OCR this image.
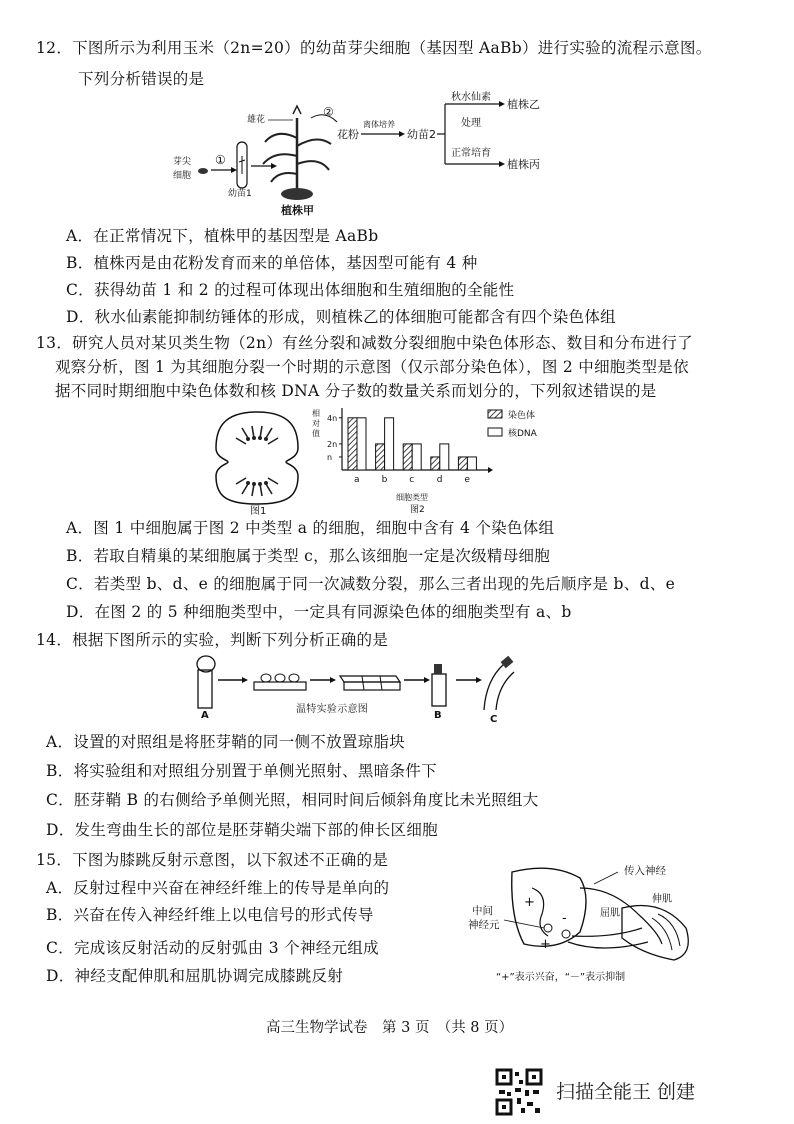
12．下图所示为利用玉米（2n=20）的幼苗芽尖细胞（基因型 AaBb）进行实验的流程示意图。
下列分析错误的是
芽尖
细胞
①
幼苗1
雄花
植株甲
②
花粉
离体培养
幼苗2
秋水仙素
处理
正常培育
植株乙
植株丙
A．在正常情况下，植株甲的基因型是 AaBb
B．植株丙是由花粉发育而来的单倍体，基因型可能有 4 种
C．获得幼苗 1 和 2 的过程可体现出体细胞和生殖细胞的全能性
D．秋水仙素能抑制纺锤体的形成，则植株乙的体细胞可能都含有四个染色体组
13．研究人员对某贝类生物（2n）有丝分裂和减数分裂细胞中染色体形态、数目和分布进行了
观察分析，图 1 为其细胞分裂一个时期的示意图（仅示部分染色体），图 2 中细胞类型是依
据不同时期细胞中染色体数和核 DNA 分子数的数量关系而划分的，下列叙述错误的是
图1
相
对
值
4n
2n
n
a b c	d e
染色体
核DNA
细胞类型
图2
A．图 1 中细胞属于图 2 中类型 a 的细胞，细胞中含有 4 个染色体组
B．若取自精巢的某细胞属于类型 c，那么该细胞一定是次级精母细胞
C．若类型 b、d、e 的细胞属于同一次减数分裂，那么三者出现的先后顺序是 b、d、e
D．在图 2 的 5 种细胞类型中，一定具有同源染色体的细胞类型有 a、b
14．根据下图所示的实验，判断下列分析正确的是
A	B	C
温特实验示意图
A．设置的对照组是将胚芽鞘的同一侧不放置琼脂块
B．将实验组和对照组分别置于单侧光照射、黑暗条件下
C．胚芽鞘 B 的右侧给予单侧光照，相同时间后倾斜角度比未光照组大
D．发生弯曲生长的部位是胚芽鞘尖端下部的伸长区细胞
15．下图为膝跳反射示意图，以下叙述不正确的是
A．反射过程中兴奋在神经纤维上的传导是单向的
B．兴奋在传入神经纤维上以电信号的形式传导
C．完成该反射活动的反射弧由 3 个神经元组成
D．神经支配伸肌和屈肌协调完成膝跳反射
+
+
-	屈肌
伸肌
传入神经
中间
神经元
“+”表示兴奋，“－”表示抑制
高三生物学试卷　第 3 页　（共 8 页）
扫描全能王 创建
